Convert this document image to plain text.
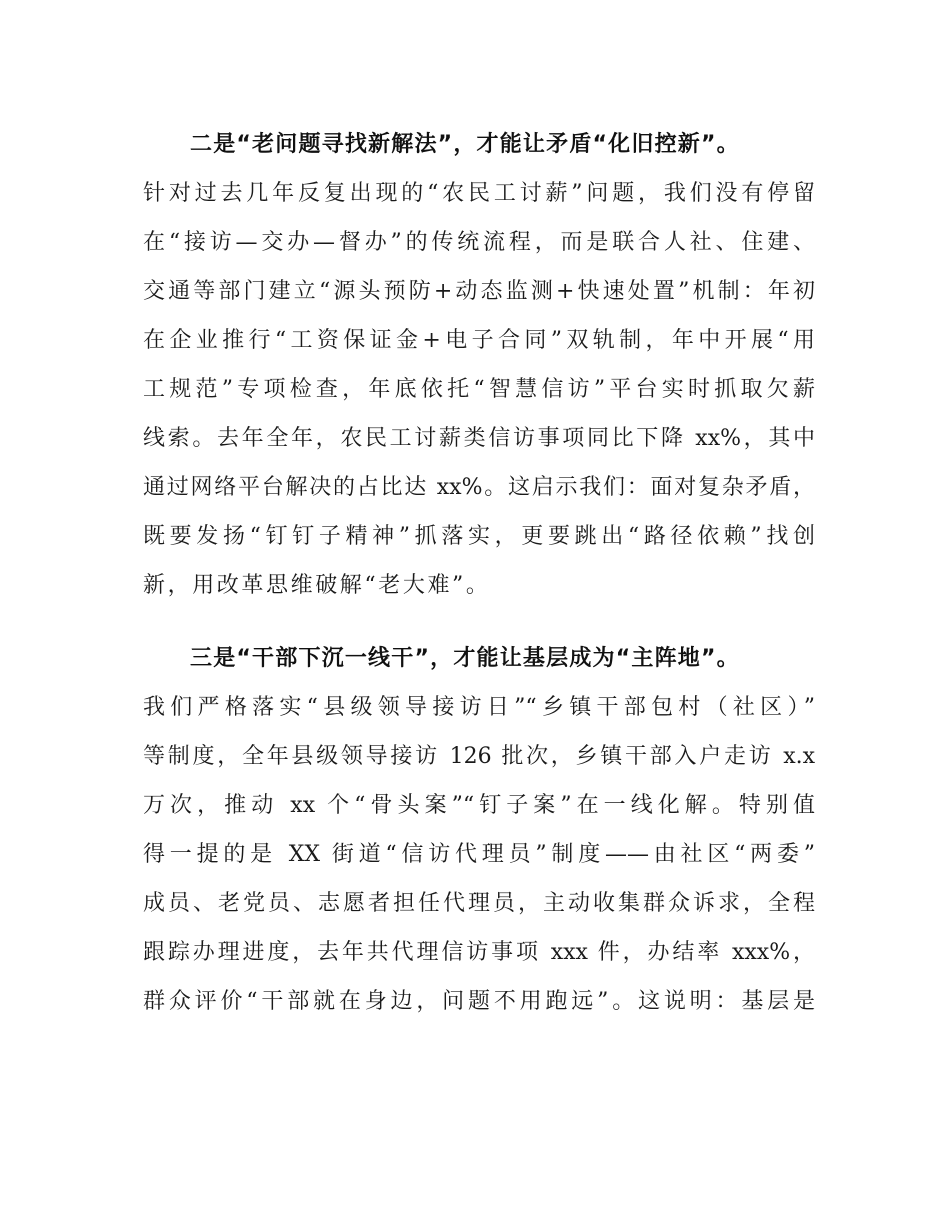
二是“老问题寻找新解法”，才能让矛盾“化旧控新”。
针对过去几年反复出现的“农民工讨薪”问题，我们没有停留
在“接访—交办—督办”的传统流程，而是联合人社、住建、
交通等部门建立“源头预防+动态监测+快速处置”机制：年初
在企业推行“工资保证金+电子合同”双轨制，年中开展“用
工规范”专项检查，年底依托“智慧信访”平台实时抓取欠薪
线索。去年全年，农民工讨薪类信访事项同比下降 xx%，其中
通过网络平台解决的占比达 xx%。这启示我们：面对复杂矛盾，
既要发扬“钉钉子精神”抓落实，更要跳出“路径依赖”找创
新，用改革思维破解“老大难”。
三是“干部下沉一线干”，才能让基层成为“主阵地”。
我们严格落实“县级领导接访日”“乡镇干部包村（社区）”
等制度，全年县级领导接访 126 批次，乡镇干部入户走访 x.x
万次，推动 xx 个“骨头案”“钉子案”在一线化解。特别值
得一提的是 XX 街道“信访代理员”制度——由社区“两委”
成员、老党员、志愿者担任代理员，主动收集群众诉求，全程
跟踪办理进度，去年共代理信访事项 xxx 件，办结率 xxx%，
群众评价“干部就在身边，问题不用跑远”。这说明：基层是
